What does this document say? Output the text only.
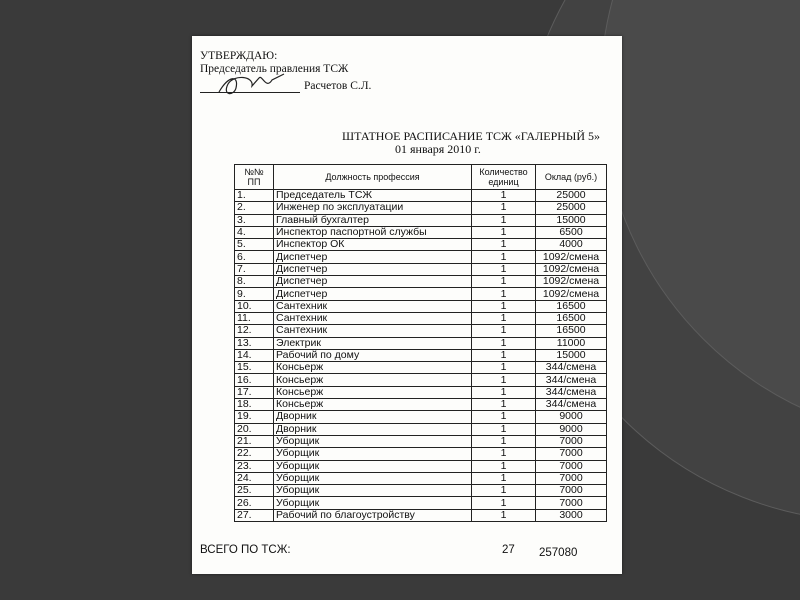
УТВЕРЖДАЮ:
Председатель правления ТСЖ
Расчетов С.Л.
ШТАТНОЕ РАСПИСАНИЕ ТСЖ «ГАЛЕРНЫЙ 5»
01 января 2010 г.
№№ ПП	Должность профессия	Количество единиц	Оклад (руб.)
1.	Председатель ТСЖ	1	25000
2.	Инженер по эксплуатации	1	25000
3.	Главный бухгалтер	1	15000
4.	Инспектор паспортной службы	1	6500
5.	Инспектор ОК	1	4000
6.	Диспетчер	1	1092/смена
7.	Диспетчер	1	1092/смена
8.	Диспетчер	1	1092/смена
9.	Диспетчер	1	1092/смена
10.	Сантехник	1	16500
11.	Сантехник	1	16500
12.	Сантехник	1	16500
13.	Электрик	1	11000
14.	Рабочий по дому	1	15000
15.	Консьерж	1	344/смена
16.	Консьерж	1	344/смена
17.	Консьерж	1	344/смена
18.	Консьерж	1	344/смена
19.	Дворник	1	9000
20.	Дворник	1	9000
21.	Уборщик	1	7000
22.	Уборщик	1	7000
23.	Уборщик	1	7000
24.	Уборщик	1	7000
25.	Уборщик	1	7000
26.	Уборщик	1	7000
27.	Рабочий по благоустройству	1	3000
ВСЕГО ПО ТСЖ:	27 257080
